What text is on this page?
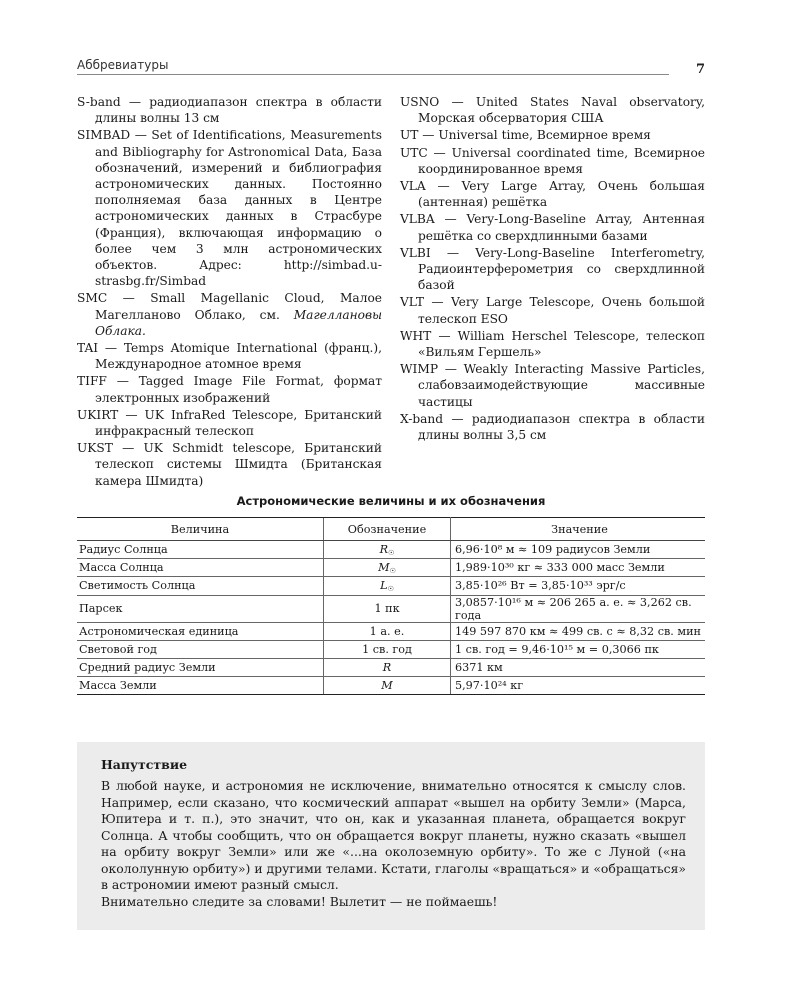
Аббревиатуры	7
S-band — радиодиапазон спектра в области длины волны 13 см
SIMBAD — Set of Identifications, Measurements and Bibliography for Astronomical Data, База обозначений, измерений и библиография астрономических данных. Постоянно пополняемая база данных в Центре астрономических данных в Страсбуре (Франция), включающая информацию о более чем 3 млн астрономических объектов. Адрес: http://simbad.u-strasbg.fr/Simbad
SMC — Small Magellanic Cloud, Малое Магелланово Облако, см. Магеллановы Облака.
TAI — Temps Atomique International (франц.), Международное атомное время
TIFF — Tagged Image File Format, формат электронных изображений
UKIRT — UK InfraRed Telescope, Британский инфракрасный телескоп
UKST — UK Schmidt telescope, Британский телескоп системы Шмидта (Британская камера Шмидта)
USNO — United States Naval observatory, Морская обсерватория США
UT — Universal time, Всемирное время
UTC — Universal coordinated time, Всемирное координированное время
VLA — Very Large Array, Очень большая (антенная) решётка
VLBA — Very-Long-Baseline Array, Антенная решётка со сверхдлинными базами
VLBI — Very-Long-Baseline Interferometry, Радиоинтерферометрия со сверхдлинной базой
VLT — Very Large Telescope, Очень большой телескоп ESO
WHT — William Herschel Telescope, телескоп «Вильям Гершель»
WIMP — Weakly Interacting Massive Particles, слабовзаимодействующие массивные частицы
X-band — радиодиапазон спектра в области длины волны 3,5 см
Астрономические величины и их обозначения
Величина	Обозначение	Значение
Радиус Солнца	R☉	6,96·10⁸ м ≈ 109 радиусов Земли
Масса Солнца	M☉	1,989·10³⁰ кг ≈ 333 000 масс Земли
Светимость Солнца	L☉	3,85·10²⁶ Вт = 3,85·10³³ эрг/с
Парсек	1 пк	3,0857·10¹⁶ м ≈ 206 265 а. е. ≈ 3,262 св. года
Астрономическая единица	1 а. е.	149 597 870 км ≈ 499 св. с ≈ 8,32 св. мин
Световой год	1 св. год	1 св. год = 9,46·10¹⁵ м = 0,3066 пк
Средний радиус Земли	R	6371 км
Масса Земли	M	5,97·10²⁴ кг
Напутствие

В любой науке, и астрономия не исключение, внимательно относятся к смыслу слов. Например, если сказано, что космический аппарат «вышел на орбиту Земли» (Марса, Юпитера и т. п.), это значит, что он, как и указанная планета, обращается вокруг Солнца. А чтобы сообщить, что он обращается вокруг планеты, нужно сказать «вышел на орбиту вокруг Земли» или же «...на околоземную орбиту». То же с Луной («на окололунную орбиту») и другими телами. Кстати, глаголы «вращаться» и «обращаться» в астрономии имеют разный смысл.

Внимательно следите за словами! Вылетит — не поймаешь!
